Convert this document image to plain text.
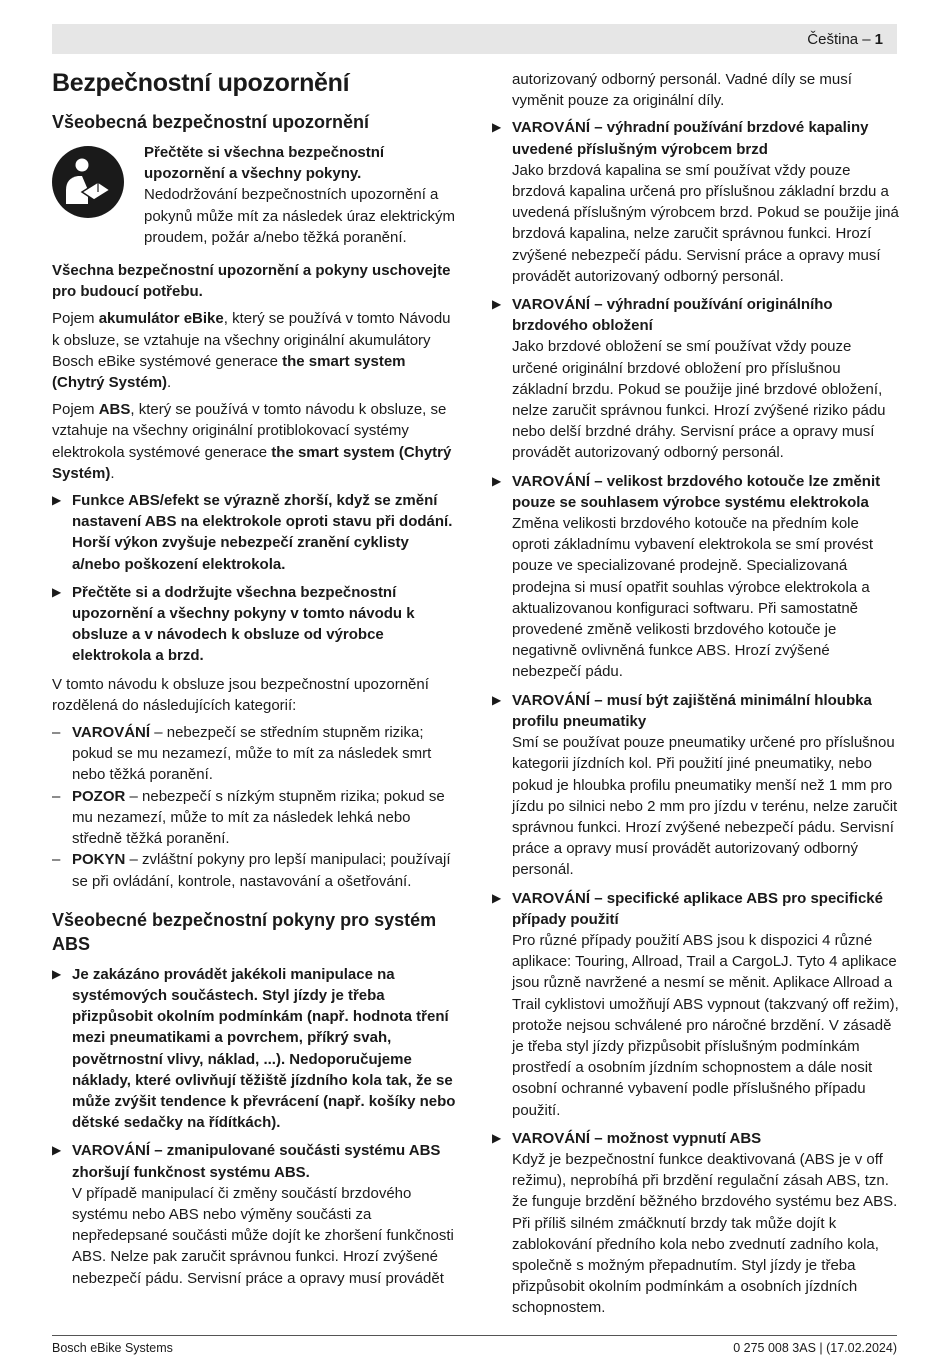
Čeština – 1
Bezpečnostní upozornění
Všeobecná bezpečnostní upozornění

Přečtěte si všechna bezpečnostní upozornění a všechny pokyny. Nedodržování bezpečnostních upozornění a pokynů může mít za následek úraz elektrickým proudem, požár a/nebo těžká poranění.

Všechna bezpečnostní upozornění a pokyny uschovejte pro budoucí potřebu.

Pojem akumulátor eBike, který se používá v tomto Návodu k obsluze, se vztahuje na všechny originální akumulátory Bosch eBike systémové generace the smart system (Chytrý Systém).

Pojem ABS, který se používá v tomto návodu k obsluze, se vztahuje na všechny originální protiblokovací systémy elektrokola systémové generace the smart system (Chytrý Systém).

▶ Funkce ABS/efekt se výrazně zhorší, když se změní nastavení ABS na elektrokole oproti stavu při dodání. Horší výkon zvyšuje nebezpečí zranění cyklisty a/nebo poškození elektrokola.
▶ Přečtěte si a dodržujte všechna bezpečnostní upozornění a všechny pokyny v tomto návodu k obsluze a v návodech k obsluze od výrobce elektrokola a brzd.

V tomto návodu k obsluze jsou bezpečnostní upozornění rozdělená do následujících kategorií:

– VAROVÁNÍ – nebezpečí se středním stupněm rizika; pokud se mu nezamezí, může to mít za následek smrt nebo těžká poranění.
– POZOR – nebezpečí s nízkým stupněm rizika; pokud se mu nezamezí, může to mít za následek lehká nebo středně těžká poranění.
– POKYN – zvláštní pokyny pro lepší manipulaci; používají se při ovládání, kontrole, nastavování a ošetřování.
Všeobecné bezpečnostní pokyny pro systém ABS
▶ Je zakázáno provádět jakékoli manipulace na systémových součástech. Styl jízdy je třeba přizpůsobit okolním podmínkám (např. hodnota tření mezi pneumatikami a povrchem, příkrý svah, povětrnostní vlivy, náklad, ...). Nedoporučujeme náklady, které ovlivňují těžiště jízdního kola tak, že se může zvýšit tendence k převrácení (např. košíky nebo dětské sedačky na řídítkách).
▶ VAROVÁNÍ – zmanipulované součásti systému ABS zhoršují funkčnost systému ABS.
V případě manipulací či změny součástí brzdového systému nebo ABS nebo výměny součásti za nepředepsané součásti může dojít ke zhoršení funkčnosti ABS. Nelze pak zaručit správnou funkci. Hrozí zvýšené nebezpečí pádu. Servisní práce a opravy musí provádět

autorizovaný odborný personál. Vadné díly se musí vyměnit pouze za originální díly.

▶ VAROVÁNÍ – výhradní používání brzdové kapaliny uvedené příslušným výrobcem brzd
Jako brzdová kapalina se smí používat vždy pouze brzdová kapalina určená pro příslušnou základní brzdu a uvedená příslušným výrobcem brzd. Pokud se použije jiná brzdová kapalina, nelze zaručit správnou funkci. Hrozí zvýšené nebezpečí pádu. Servisní práce a opravy musí provádět autorizovaný odborný personál.
▶ VAROVÁNÍ – výhradní používání originálního brzdového obložení
Jako brzdové obložení se smí používat vždy pouze určené originální brzdové obložení pro příslušnou základní brzdu. Pokud se použije jiné brzdové obložení, nelze zaručit správnou funkci. Hrozí zvýšené riziko pádu nebo delší brzdné dráhy. Servisní práce a opravy musí provádět autorizovaný odborný personál.
▶ VAROVÁNÍ – velikost brzdového kotouče lze změnit pouze se souhlasem výrobce systému elektrokola
Změna velikosti brzdového kotouče na předním kole oproti základnímu vybavení elektrokola se smí provést pouze ve specializované prodejně. Specializovaná prodejna si musí opatřit souhlas výrobce elektrokola a aktualizovanou konfiguraci softwaru. Při samostatně provedené změně velikosti brzdového kotouče je negativně ovlivněná funkce ABS. Hrozí zvýšené nebezpečí pádu.
▶ VAROVÁNÍ – musí být zajištěná minimální hloubka profilu pneumatiky
Smí se používat pouze pneumatiky určené pro příslušnou kategorii jízdních kol. Při použití jiné pneumatiky, nebo pokud je hloubka profilu pneumatiky menší než 1 mm pro jízdu po silnici nebo 2 mm pro jízdu v terénu, nelze zaručit správnou funkci. Hrozí zvýšené nebezpečí pádu. Servisní práce a opravy musí provádět autorizovaný odborný personál.
▶ VAROVÁNÍ – specifické aplikace ABS pro specifické případy použití
Pro různé případy použití ABS jsou k dispozici 4 různé aplikace: Touring, Allroad, Trail a CargoLJ. Tyto 4 aplikace jsou různě navržené a nesmí se měnit. Aplikace Allroad a Trail cyklistovi umožňují ABS vypnout (takzvaný off režim), protože nejsou schválené pro náročné brzdění. V zásadě je třeba styl jízdy přizpůsobit příslušným podmínkám prostředí a osobním jízdním schopnostem a dále nosit osobní ochranné vybavení podle příslušného případu použití.
▶ VAROVÁNÍ – možnost vypnutí ABS
Když je bezpečnostní funkce deaktivovaná (ABS je v off režimu), neprobíhá při brzdění regulační zásah ABS, tzn. že funguje brzdění běžného brzdového systému bez ABS. Při příliš silném zmáčknutí brzdy tak může dojít k zablokování předního kola nebo zvednutí zadního kola, společně s možným přepadnutím. Styl jízdy je třeba přizpůsobit okolním podmínkám a osobních jízdních schopnostem.
Bosch eBike Systems	0 275 008 3AS | (17.02.2024)
